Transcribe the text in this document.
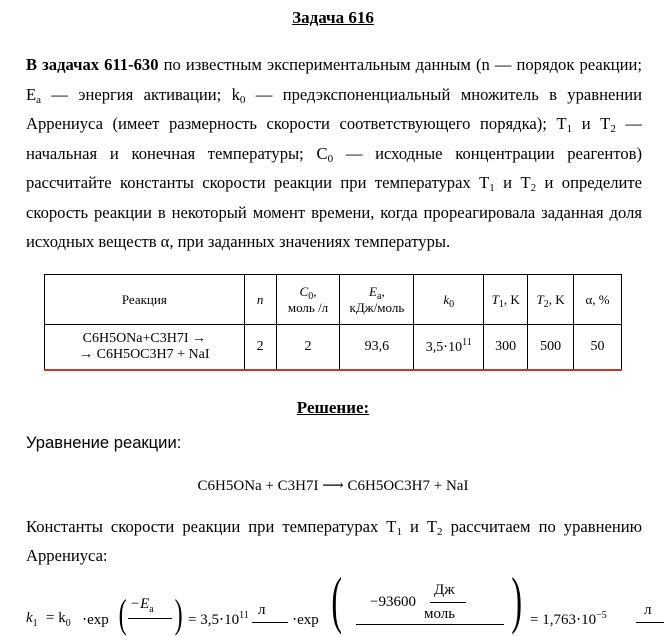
Задача 616
В задачах 611-630 по известным экспериментальным данным (n — порядок реакции; $E_a$ — энергия активации; $k_0$ — предэкспоненциальный множитель в уравнении Аррениуса (имеет размерность скорости соответствующего порядка); $T_1$ и $T_2$ — начальная и конечная температуры; $C_0$ — исходные концентрации реагентов) рассчитайте константы скорости реакции при температурах $T_1$ и $T_2$ и определите скорость реакции в некоторый момент времени, когда прореагировала заданная доля исходных веществ α, при заданных значениях температуры.
Реакция	n	$C_0$,
моль /л	$E_a$,
кДж/моль	$k_0$	$T_1$, K	$T_2$, K	α, %

C6H5ONa+C3H7I →
→ C6H5OC3H7 + NaI	2	2	93,6	$3,5\cdot 10^{11}$	300	500	50
Решение:
Уравнение реакции:
C6H5ONa + C3H7I ⟶ C6H5OC3H7 + NaI
Константы скорости реакции при температурах $T_1$ и $T_2$ рассчитаем по уравнению Аррениуса:
$k_1 = k_0 \cdot\exp$ ( $-E_a$ ) = $3,5\cdot 10^{11}$ л
⋅exp ( −93600
Дж
моль ) = $1,763\cdot 10^{-5}$ л
